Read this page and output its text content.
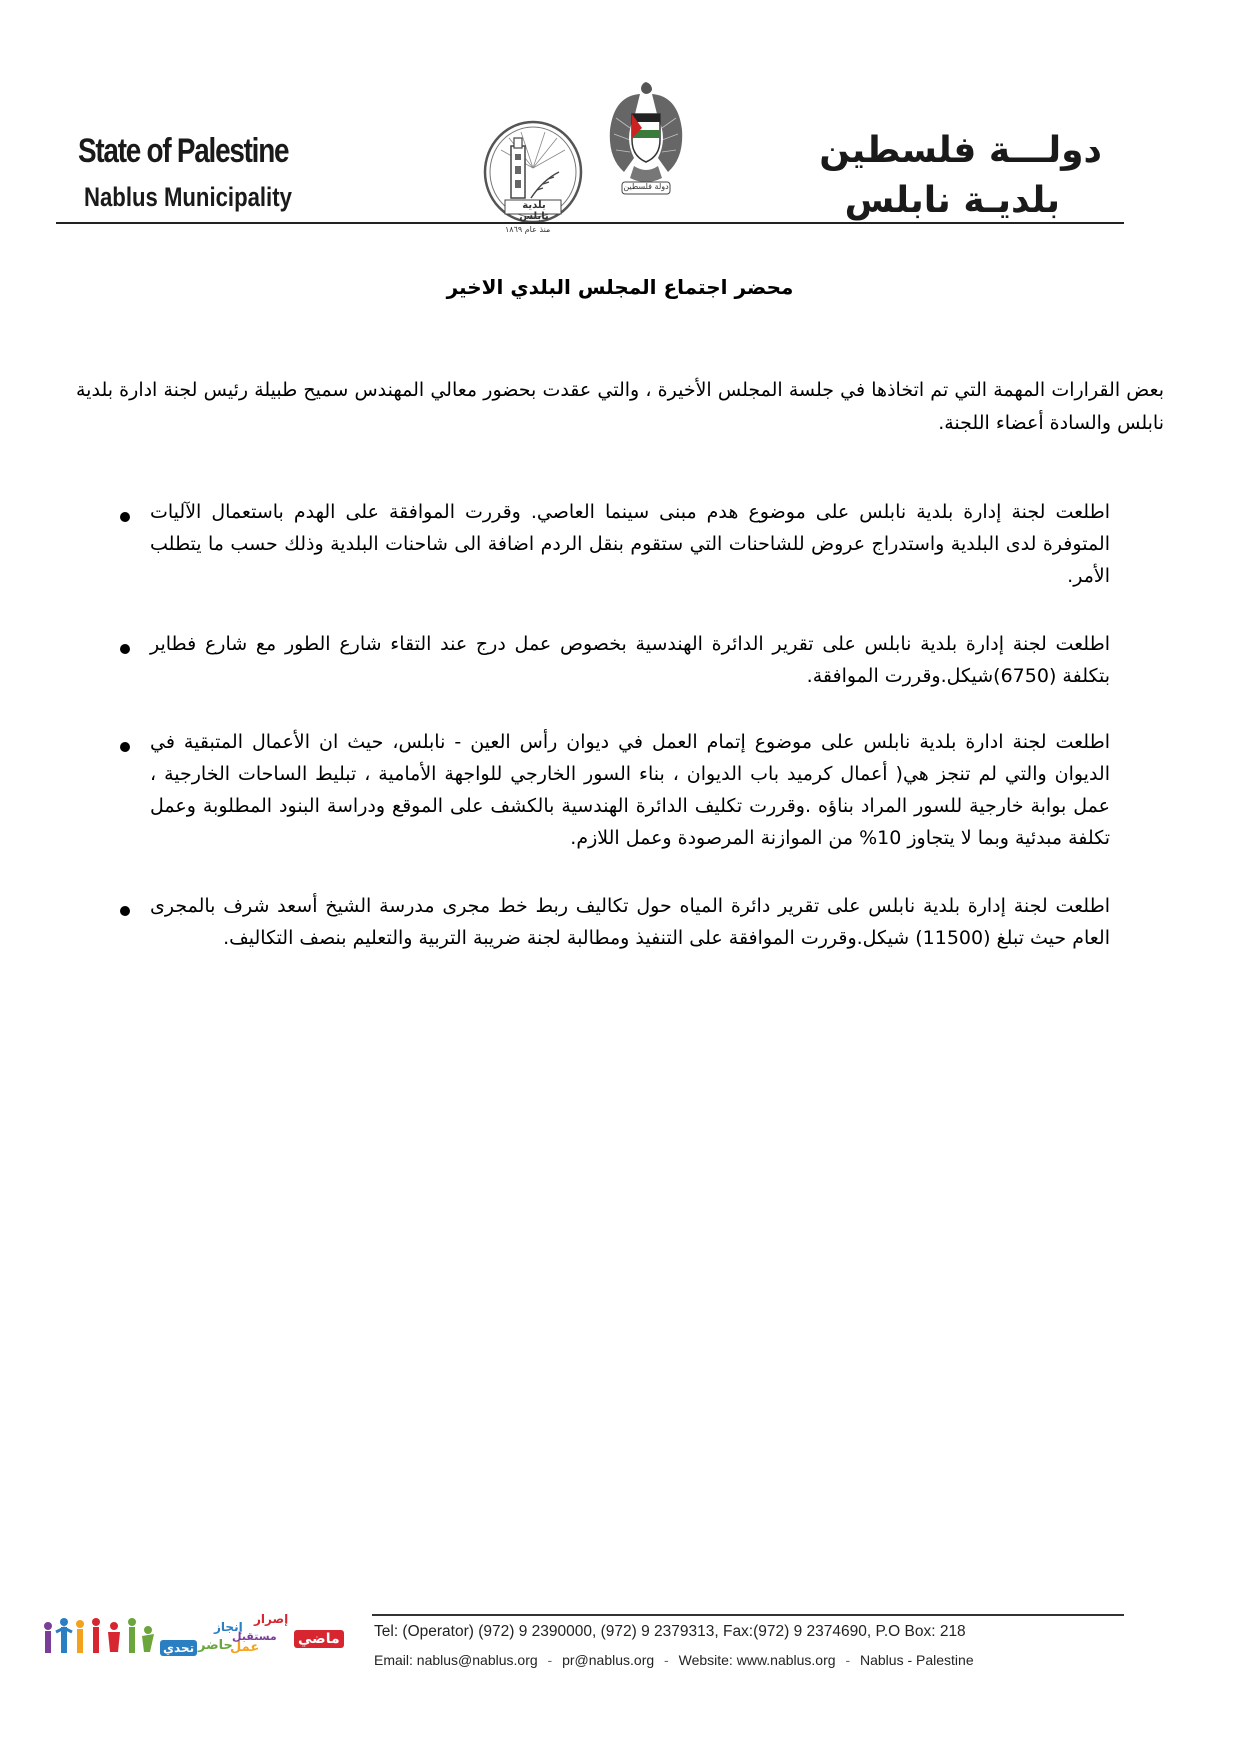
State of Palestine
Nablus Municipality
دولـــة فلسطين
بلديـة نابلس
بلدية نابلس
منذ عام ١٨٦٩
دولة فلسطين
محضر اجتماع المجلس البلدي الاخير
بعض القرارات المهمة التي تم اتخاذها في جلسة المجلس الأخيرة ، والتي عقدت بحضور معالي المهندس سميح طبيلة رئيس لجنة ادارة بلدية نابلس والسادة أعضاء اللجنة.
اطلعت لجنة إدارة بلدية نابلس على موضوع هدم مبنى سينما العاصي. وقررت الموافقة على الهدم باستعمال الآليات المتوفرة لدى البلدية واستدراج عروض للشاحنات التي ستقوم بنقل الردم اضافة الى شاحنات البلدية وذلك حسب ما يتطلب الأمر.
اطلعت لجنة إدارة بلدية نابلس على تقرير الدائرة الهندسية بخصوص عمل درج عند التقاء شارع الطور مع شارع فطاير بتكلفة (6750)شيكل.وقررت الموافقة.
اطلعت لجنة ادارة بلدية نابلس على موضوع إتمام العمل في ديوان رأس العين - نابلس، حيث ان الأعمال المتبقية في الديوان والتي لم تنجز هي( أعمال كرميد باب الديوان ، بناء السور الخارجي للواجهة الأمامية ، تبليط الساحات الخارجية ، عمل بوابة خارجية للسور المراد بناؤه .وقررت تكليف الدائرة الهندسية بالكشف على الموقع ودراسة البنود المطلوبة وعمل تكلفة مبدئية وبما لا يتجاوز 10% من الموازنة المرصودة وعمل اللازم.
اطلعت لجنة إدارة بلدية نابلس على تقرير دائرة المياه حول تكاليف ربط خط مجرى مدرسة الشيخ أسعد شرف بالمجرى العام حيث تبلغ (11500) شيكل.وقررت الموافقة على التنفيذ ومطالبة لجنة ضريبة التربية والتعليم بنصف التكاليف.
تحدي حاضر
عمل
إنجاز
مستقبل
إصرار
ماضي Tel: (Operator) (972) 9 2390000, (972) 9 2379313, Fax:(972) 9 2374690, P.O Box: 218
Email: nablus@nablus.org - pr@nablus.org - Website: www.nablus.org - Nablus - Palestine
